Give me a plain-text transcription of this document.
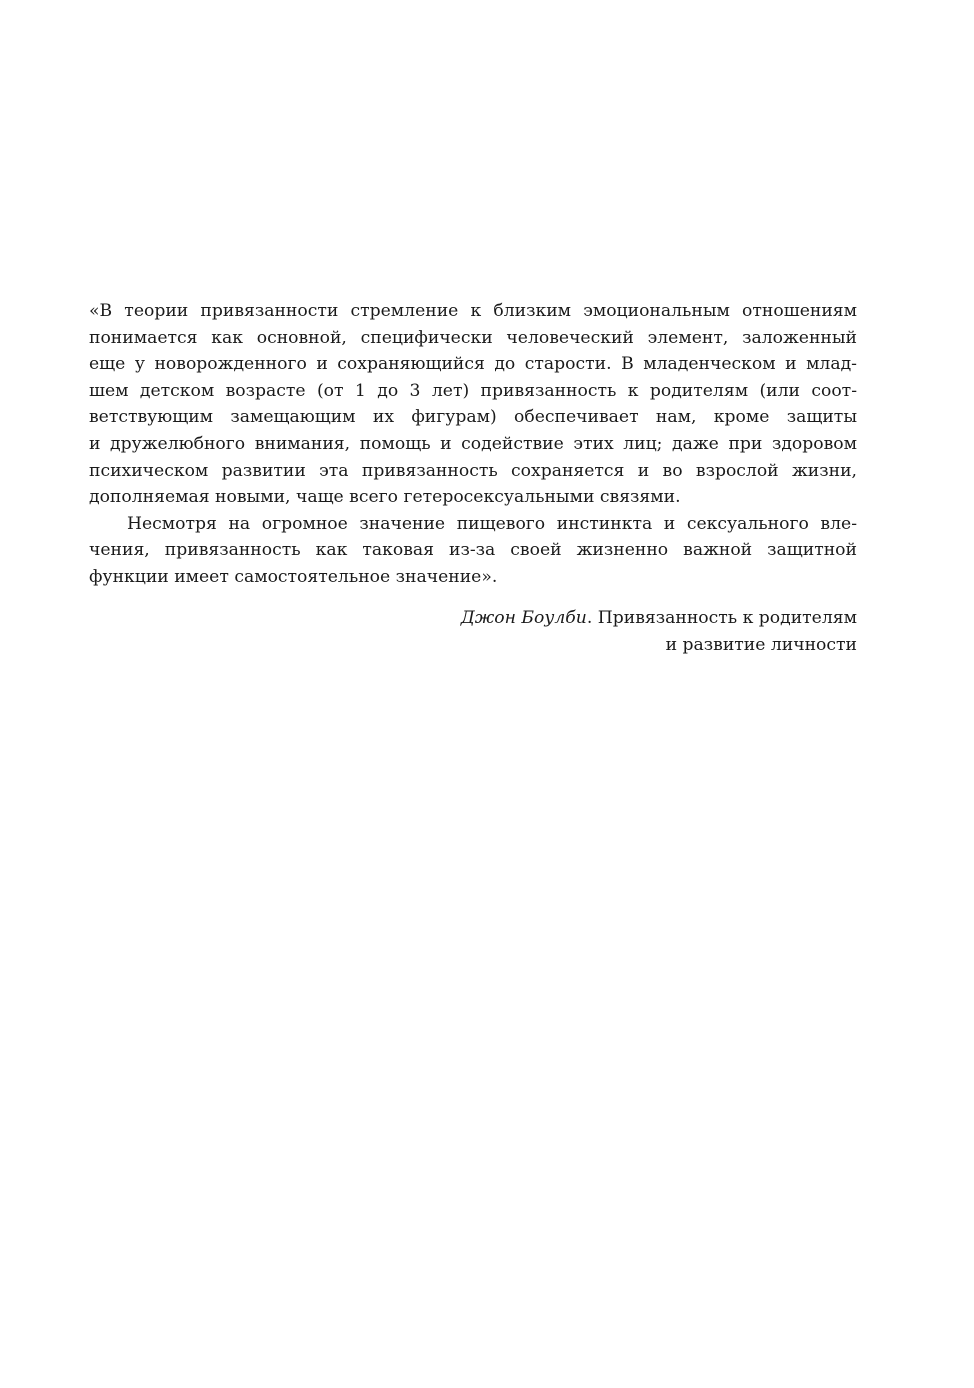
«В теории привязанности стремление к близким эмоциональным отношениям
понимается как основной, специфически человеческий элемент, заложенный
еще у новорожденного и сохраняющийся до старости. В младенческом и млад-
шем детском возрасте (от 1 до 3 лет) привязанность к родителям (или соот-
ветствующим замещающим их фигурам) обеспечивает нам, кроме защиты
и дружелюбного внимания, помощь и содействие этих лиц; даже при здоровом
психическом развитии эта привязанность сохраняется и во взрослой жизни,
дополняемая новыми, чаще всего гетеросексуальными связями.
Несмотря на огромное значение пищевого инстинкта и сексуального вле-
чения, привязанность как таковая из-за своей жизненно важной защитной
функции имеет самостоятельное значение».
Джон Боулби. Привязанность к родителям
и развитие личности
